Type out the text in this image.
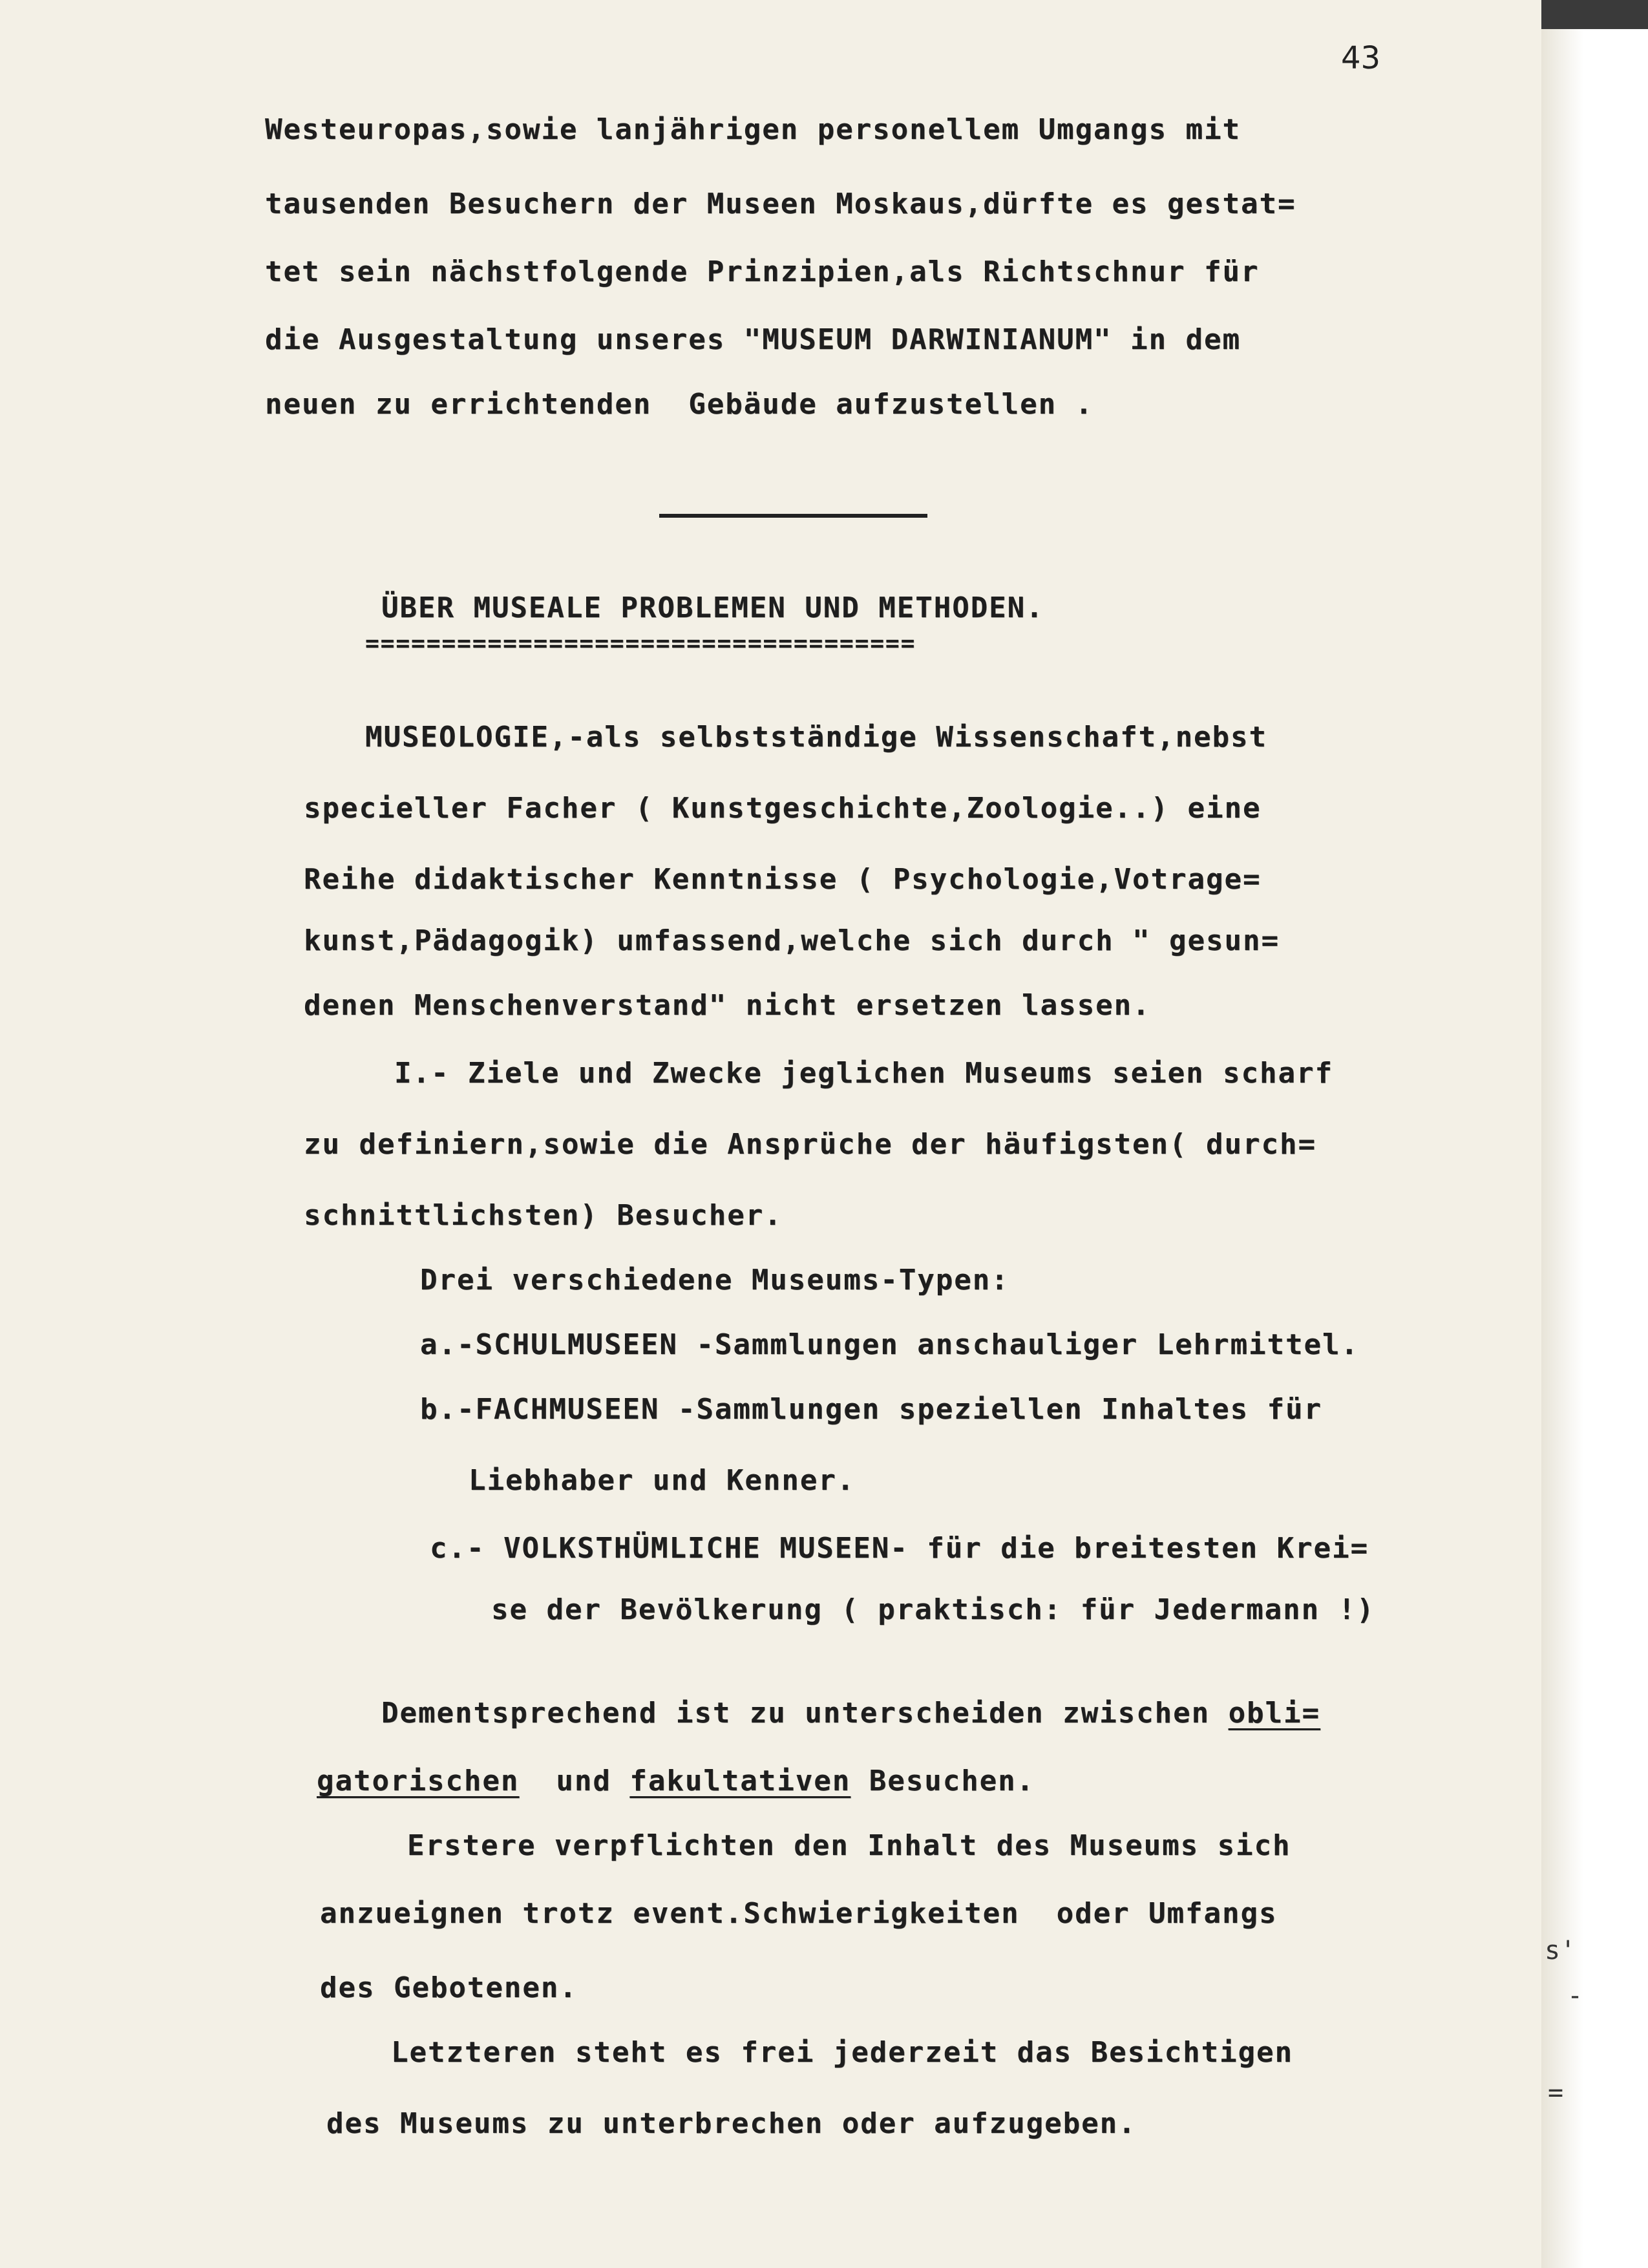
43
Westeuropas,sowie lanjährigen personellem Umgangs mit
tausenden Besuchern der Museen Moskaus,dürfte es gestat=
tet sein nächstfolgende Prinzipien,als Richtschnur für
die Ausgestaltung unseres "MUSEUM DARWINIANUM" in dem
neuen zu errichtenden  Gebäude aufzustellen .
ÜBER MUSEALE PROBLEMEN UND METHODEN.
====================================
MUSEOLOGIE,-als selbstständige Wissenschaft,nebst
specieller Facher ( Kunstgeschichte,Zoologie..) eine
Reihe didaktischer Kenntnisse ( Psychologie,Votrage=
kunst,Pädagogik) umfassend,welche sich durch " gesun=
denen Menschenverstand" nicht ersetzen lassen.
I.- Ziele und Zwecke jeglichen Museums seien scharf
zu definiern,sowie die Ansprüche der häufigsten( durch=
schnittlichsten) Besucher.
Drei verschiedene Museums-Typen:
a.-SCHULMUSEEN -Sammlungen anschauliger Lehrmittel.
b.-FACHMUSEEN -Sammlungen speziellen Inhaltes für
Liebhaber und Kenner.
c.- VOLKSTHÜMLICHE MUSEEN- für die breitesten Krei=
se der Bevölkerung ( praktisch: für Jedermann !)
Dementsprechend ist zu unterscheiden zwischen obli=
gatorischen  und fakultativen Besuchen.
Erstere verpflichten den Inhalt des Museums sich
anzueignen trotz event.Schwierigkeiten  oder Umfangs
des Gebotenen.
Letzteren steht es frei jederzeit das Besichtigen
des Museums zu unterbrechen oder aufzugeben.
s'
=
-
